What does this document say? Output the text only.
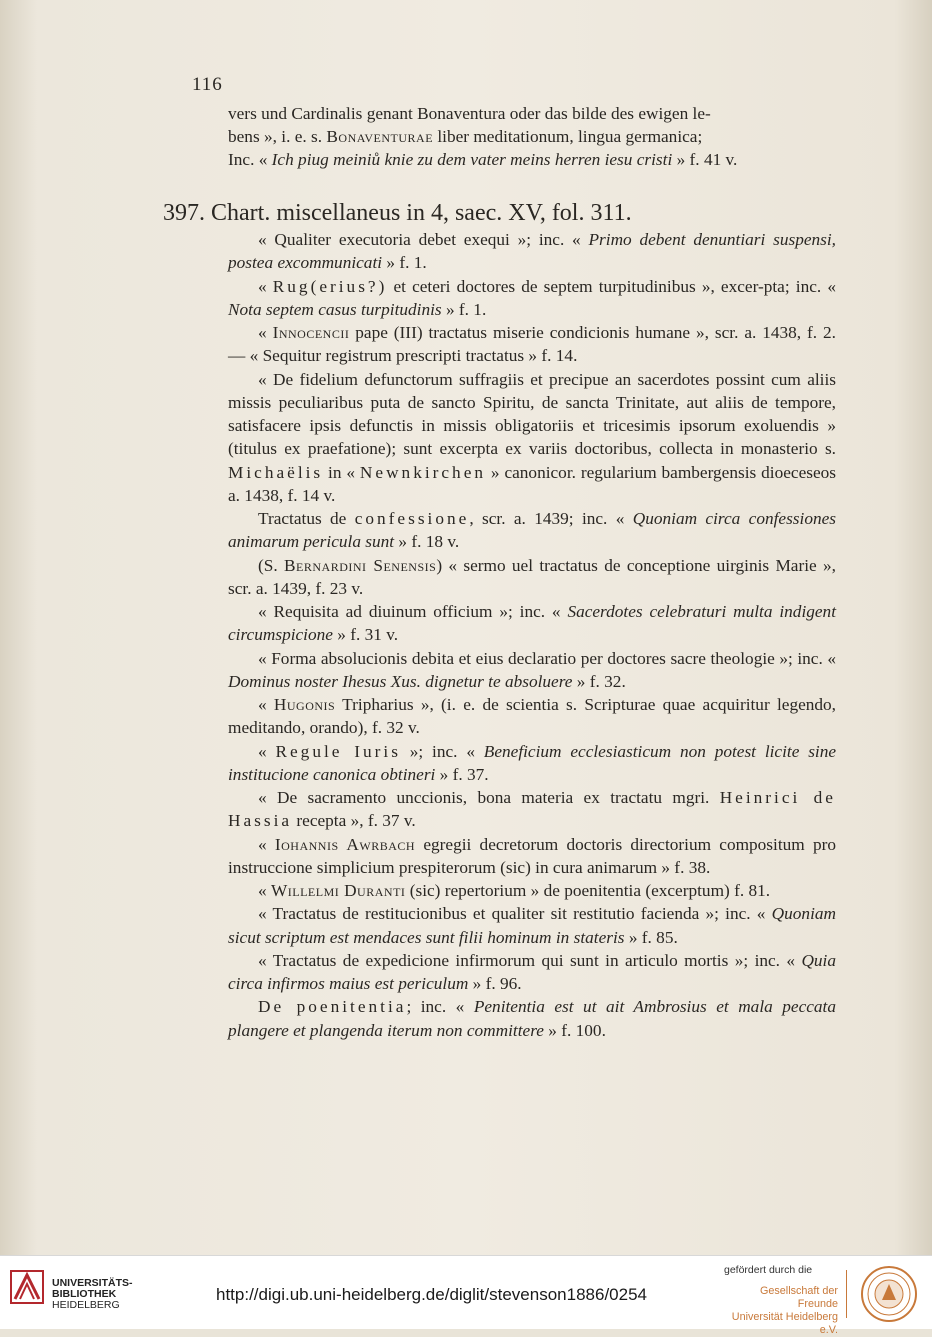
116

vers und Cardinalis genant Bonaventura oder das bilde des ewigen le-

bens », i. e. s. Bonaventurae liber meditationum, lingua germanica;

Inc. « Ich piug meiniů knie zu dem vater meins herren iesu cristi » f. 41 v.

397. Chart. miscellaneus in 4, saec. XV, fol. 311.

« Qualiter executoria debet exequi »; inc. « Primo debent denuntiari suspensi, postea excommunicati » f. 1.

« Rug(erius?) et ceteri doctores de septem turpitudinibus », excer-pta; inc. « Nota septem casus turpitudinis » f. 1.

« Innocencii pape (III) tractatus miserie condicionis humane », scr. a. 1438, f. 2. — « Sequitur registrum prescripti tractatus » f. 14.

« De fidelium defunctorum suffragiis et precipue an sacerdotes possint cum aliis missis peculiaribus puta de sancto Spiritu, de sancta Trinitate, aut aliis de tempore, satisfacere ipsis defunctis in missis obligatoriis et tricesimis ipsorum exoluendis » (titulus ex praefatione); sunt excerpta ex variis doctoribus, collecta in monasterio s. Michaëlis in « Newnkirchen » canonicor. regularium bambergensis dioeceseos a. 1438, f. 14 v.

Tractatus de confessione, scr. a. 1439; inc. « Quoniam circa confessiones animarum pericula sunt » f. 18 v.

(S. Bernardini Senensis) « sermo uel tractatus de conceptione uirginis Marie », scr. a. 1439, f. 23 v.

« Requisita ad diuinum officium »; inc. « Sacerdotes celebraturi multa indigent circumspicione » f. 31 v.

« Forma absolucionis debita et eius declaratio per doctores sacre theologie »; inc. « Dominus noster Ihesus Xus. dignetur te absoluere » f. 32.

« Hugonis Tripharius », (i. e. de scientia s. Scripturae quae acquiritur legendo, meditando, orando), f. 32 v.

« Regule Iuris »; inc. « Beneficium ecclesiasticum non potest licite sine institucione canonica obtineri » f. 37.

« De sacramento unccionis, bona materia ex tractatu mgri. Heinrici de Hassia recepta », f. 37 v.

« Iohannis Awrbach egregii decretorum doctoris directorium compositum pro instruccione simplicium prespiterorum (sic) in cura animarum » f. 38.

« Willelmi Duranti (sic) repertorium » de poenitentia (excerptum) f. 81.

« Tractatus de restitucionibus et qualiter sit restitutio facienda »; inc. « Quoniam sicut scriptum est mendaces sunt filii hominum in stateris » f. 85.

« Tractatus de expedicione infirmorum qui sunt in articulo mortis »; inc. « Quia circa infirmos maius est periculum » f. 96.

De poenitentia; inc. « Penitentia est ut ait Ambrosius et mala peccata plangere et plangenda iterum non committere » f. 100.

UNIVERSITÄTS-
BIBLIOTHEK
HEIDELBERG
http://digi.ub.uni-heidelberg.de/diglit/stevenson1886/0254
gefördert durch die
Gesellschaft der Freunde
Universität Heidelberg e.V.
